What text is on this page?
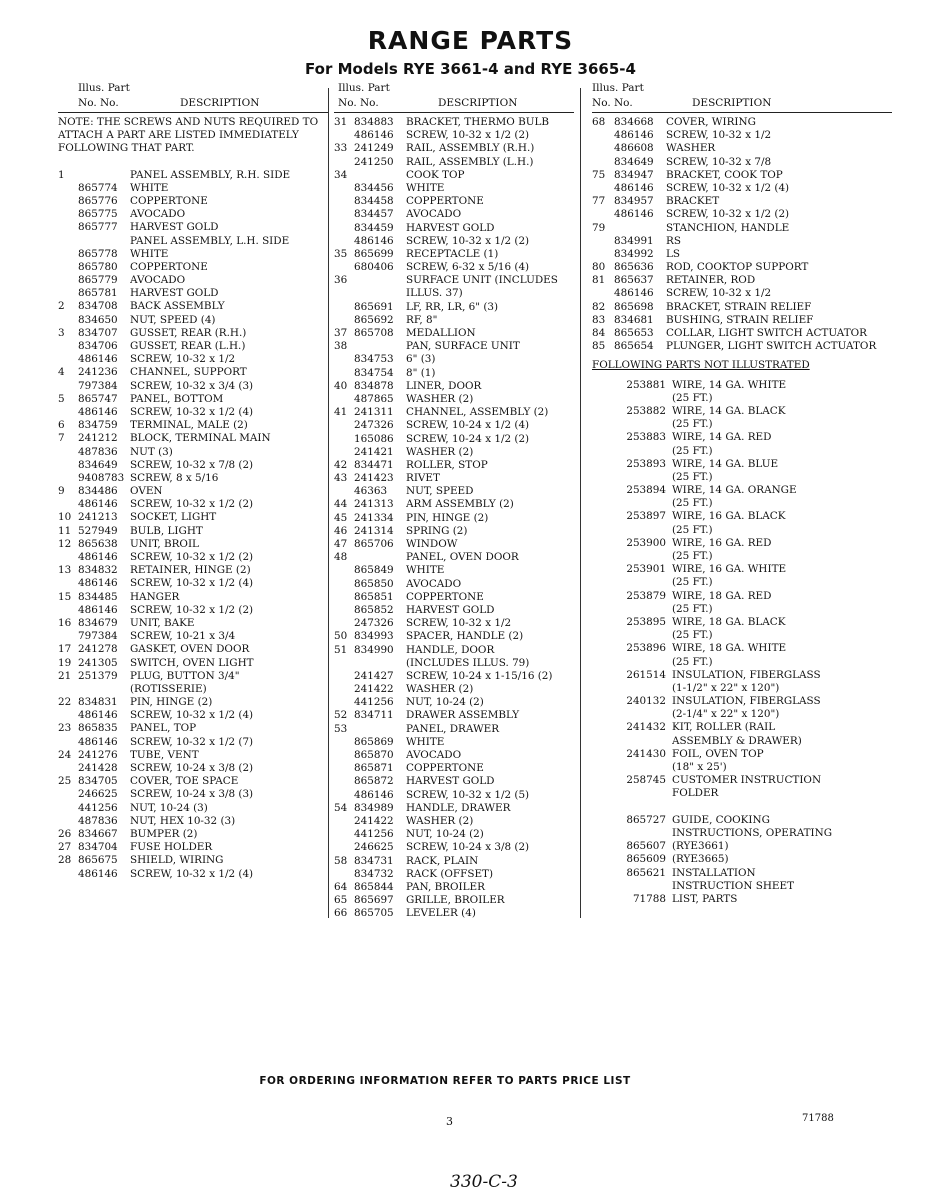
RANGE PARTS
For Models RYE 3661-4 and RYE 3665-4
Illus. Part
No. No.	DESCRIPTION
NOTE: THE SCREWS AND NUTS REQUIRED TO ATTACH A PART ARE LISTED IMMEDIATELY FOLLOWING THAT PART.
1	PANEL ASSEMBLY, R.H. SIDE
865774	WHITE
865776	COPPERTONE
865775	AVOCADO
865777	HARVEST GOLD
PANEL ASSEMBLY, L.H. SIDE
865778	WHITE
865780	COPPERTONE
865779	AVOCADO
865781	HARVEST GOLD
2	834708	BACK ASSEMBLY
834650	NUT, SPEED (4)
3	834707	GUSSET, REAR (R.H.)
834706	GUSSET, REAR (L.H.)
486146	SCREW, 10-32 x 1/2
4	241236	CHANNEL, SUPPORT
797384	SCREW, 10-32 x 3/4 (3)
5	865747	PANEL, BOTTOM
486146	SCREW, 10-32 x 1/2 (4)
6	834759	TERMINAL, MALE (2)
7	241212	BLOCK, TERMINAL MAIN
487836	NUT (3)
834649	SCREW, 10-32 x 7/8 (2)
9408783 SCREW, 8 x 5/16
9	834486	OVEN
486146	SCREW, 10-32 x 1/2 (2)
10 241213	SOCKET, LIGHT
11 527949	BULB, LIGHT
12 865638	UNIT, BROIL
486146	SCREW, 10-32 x 1/2 (2)
13 834832	RETAINER, HINGE (2)
486146	SCREW, 10-32 x 1/2 (4)
15 834485	HANGER
486146	SCREW, 10-32 x 1/2 (2)
16 834679	UNIT, BAKE
797384	SCREW, 10-21 x 3/4
17 241278	GASKET, OVEN DOOR
19 241305	SWITCH, OVEN LIGHT
21 251379	PLUG, BUTTON 3/4"
(ROTISSERIE)
22 834831	PIN, HINGE (2)
486146	SCREW, 10-32 x 1/2 (4)
23 865835	PANEL, TOP
486146	SCREW, 10-32 x 1/2 (7)
24 241276	TUBE, VENT
241428	SCREW, 10-24 x 3/8 (2)
25 834705	COVER, TOE SPACE
246625	SCREW, 10-24 x 3/8 (3)
441256	NUT, 10-24 (3)
487836	NUT, HEX 10-32 (3)
26 834667	BUMPER (2)
27 834704	FUSE HOLDER
28 865675	SHIELD, WIRING
486146	SCREW, 10-32 x 1/2 (4)
Illus. Part
No. No.	DESCRIPTION
31 834883	BRACKET, THERMO BULB
486146	SCREW, 10-32 x 1/2 (2)
33 241249	RAIL, ASSEMBLY (R.H.)
241250	RAIL, ASSEMBLY (L.H.)
34	COOK TOP
834456	WHITE
834458	COPPERTONE
834457	AVOCADO
834459	HARVEST GOLD
486146	SCREW, 10-32 x 1/2 (2)
35 865699	RECEPTACLE (1)
680406	SCREW, 6-32 x 5/16 (4)
36	SURFACE UNIT (INCLUDES
ILLUS. 37)
865691	LF, RR, LR, 6" (3)
865692	RF, 8"
37 865708	MEDALLION
38	PAN, SURFACE UNIT
834753	6" (3)
834754	8" (1)
40 834878	LINER, DOOR
487865	WASHER (2)
41 241311	CHANNEL, ASSEMBLY (2)
247326	SCREW, 10-24 x 1/2 (4)
165086	SCREW, 10-24 x 1/2 (2)
241421	WASHER (2)
42 834471	ROLLER, STOP
43 241423	RIVET
46363	NUT, SPEED
44 241313	ARM ASSEMBLY (2)
45 241334	PIN, HINGE (2)
46 241314	SPRING (2)
47 865706	WINDOW
48	PANEL, OVEN DOOR
865849	WHITE
865850	AVOCADO
865851	COPPERTONE
865852	HARVEST GOLD
247326	SCREW, 10-32 x 1/2
50 834993	SPACER, HANDLE (2)
51 834990	HANDLE, DOOR
(INCLUDES ILLUS. 79)
241427	SCREW, 10-24 x 1-15/16 (2)
241422	WASHER (2)
441256	NUT, 10-24 (2)
52 834711	DRAWER ASSEMBLY
53	PANEL, DRAWER
865869	WHITE
865870	AVOCADO
865871	COPPERTONE
865872	HARVEST GOLD
486146	SCREW, 10-32 x 1/2 (5)
54 834989	HANDLE, DRAWER
241422	WASHER (2)
441256	NUT, 10-24 (2)
246625	SCREW, 10-24 x 3/8 (2)
58 834731	RACK, PLAIN
834732	RACK (OFFSET)
64 865844	PAN, BROILER
65 865697	GRILLE, BROILER
66 865705	LEVELER (4)
Illus. Part
No. No.	DESCRIPTION
68 834668	COVER, WIRING
486146	SCREW, 10-32 x 1/2
486608	WASHER
834649	SCREW, 10-32 x 7/8
75 834947	BRACKET, COOK TOP
486146	SCREW, 10-32 x 1/2 (4)
77 834957	BRACKET
486146	SCREW, 10-32 x 1/2 (2)
79	STANCHION, HANDLE
834991	RS
834992	LS
80 865636	ROD, COOKTOP SUPPORT
81 865637	RETAINER, ROD
486146	SCREW, 10-32 x 1/2
82 865698	BRACKET, STRAIN RELIEF
83 834681	BUSHING, STRAIN RELIEF
84 865653	COLLAR, LIGHT SWITCH ACTUATOR
85 865654	PLUNGER, LIGHT SWITCH ACTUATOR
FOLLOWING PARTS NOT ILLUSTRATED
253881 WIRE, 14 GA. WHITE
(25 FT.)
253882 WIRE, 14 GA. BLACK
(25 FT.)
253883 WIRE, 14 GA. RED
(25 FT.)
253893 WIRE, 14 GA. BLUE
(25 FT.)
253894 WIRE, 14 GA. ORANGE
(25 FT.)
253897 WIRE, 16 GA. BLACK
(25 FT.)
253900 WIRE, 16 GA. RED
(25 FT.)
253901 WIRE, 16 GA. WHITE
(25 FT.)
253879 WIRE, 18 GA. RED
(25 FT.)
253895 WIRE, 18 GA. BLACK
(25 FT.)
253896 WIRE, 18 GA. WHITE
(25 FT.)
261514 INSULATION, FIBERGLASS
(1-1/2" x 22" x 120")
240132 INSULATION, FIBERGLASS
(2-1/4" x 22" x 120")
241432 KIT, ROLLER (RAIL
ASSEMBLY & DRAWER)
241430 FOIL, OVEN TOP
(18" x 25')
258745 CUSTOMER INSTRUCTION
FOLDER
865727 GUIDE, COOKING
INSTRUCTIONS, OPERATING
865607 (RYE3661)
865609 (RYE3665)
865621 INSTALLATION
INSTRUCTION SHEET
71788 LIST, PARTS
FOR ORDERING INFORMATION REFER TO PARTS PRICE LIST
3	71788
330-C-3
